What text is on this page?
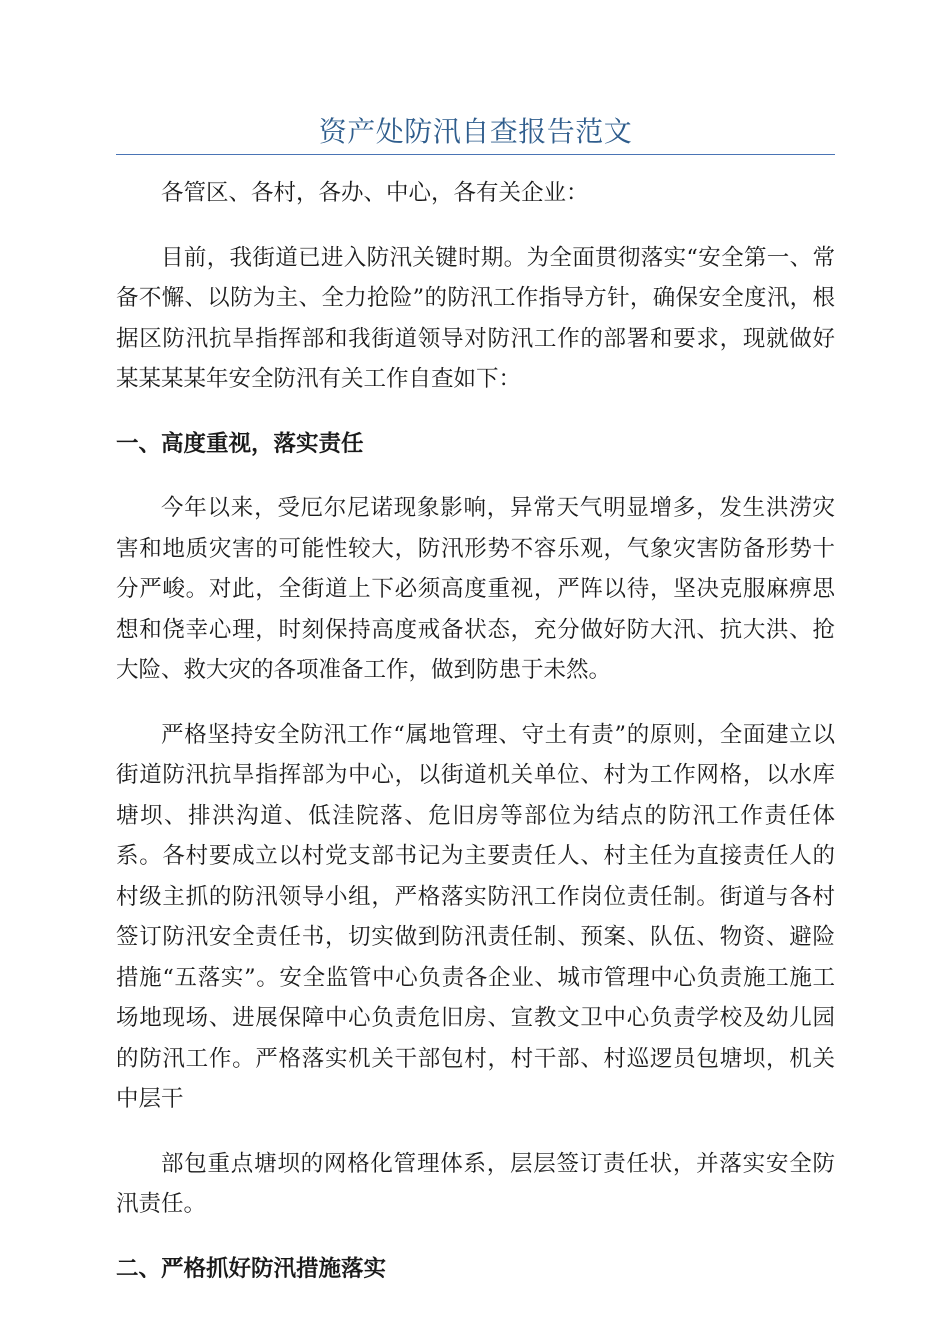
资产处防汛自查报告范文

各管区、各村，各办、中心，各有关企业：

目前，我街道已进入防汛关键时期。为全面贯彻落实“安全第一、常备不懈、以防为主、全力抢险”的防汛工作指导方针，确保安全度汛，根据区防汛抗旱指挥部和我街道领导对防汛工作的部署和要求，现就做好某某某某年安全防汛有关工作自查如下：

一、高度重视，落实责任

今年以来，受厄尔尼诺现象影响，异常天气明显增多，发生洪涝灾害和地质灾害的可能性较大，防汛形势不容乐观，气象灾害防备形势十分严峻。对此，全街道上下必须高度重视，严阵以待，坚决克服麻痹思想和侥幸心理，时刻保持高度戒备状态，充分做好防大汛、抗大洪、抢大险、救大灾的各项准备工作，做到防患于未然。

严格坚持安全防汛工作“属地管理、守土有责”的原则，全面建立以街道防汛抗旱指挥部为中心，以街道机关单位、村为工作网格，以水库塘坝、排洪沟道、低洼院落、危旧房等部位为结点的防汛工作责任体系。各村要成立以村党支部书记为主要责任人、村主任为直接责任人的村级主抓的防汛领导小组，严格落实防汛工作岗位责任制。街道与各村签订防汛安全责任书，切实做到防汛责任制、预案、队伍、物资、避险措施“五落实”。安全监管中心负责各企业、城市管理中心负责施工施工场地现场、进展保障中心负责危旧房、宣教文卫中心负责学校及幼儿园的防汛工作。严格落实机关干部包村，村干部、村巡逻员包塘坝，机关中层干

部包重点塘坝的网格化管理体系，层层签订责任状，并落实安全防汛责任。

二、严格抓好防汛措施落实
